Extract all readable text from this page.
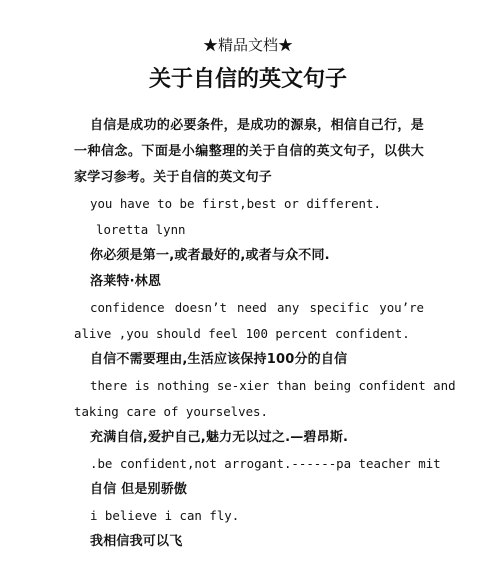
★精品文档★
关于自信的英文句子
自信是成功的必要条件，是成功的源泉，相信自己行，是
一种信念。下面是小编整理的关于自信的英文句子，以供大
家学习参考。关于自信的英文句子
you have to be first,best or different.
loretta lynn
你必须是第一,或者最好的,或者与众不同.
洛莱特·林恩
confidence doesn’t need any specific you’re
alive ,you should feel 100 percent confident.
自信不需要理由,生活应该保持100分的自信
there is nothing se-xier than being confident and
taking care of yourselves.
充满自信,爱护自己,魅力无以过之.—碧昂斯.
.be confident,not arrogant.------pa teacher mit
自信 但是别骄傲
i believe i can fly.
我相信我可以飞
